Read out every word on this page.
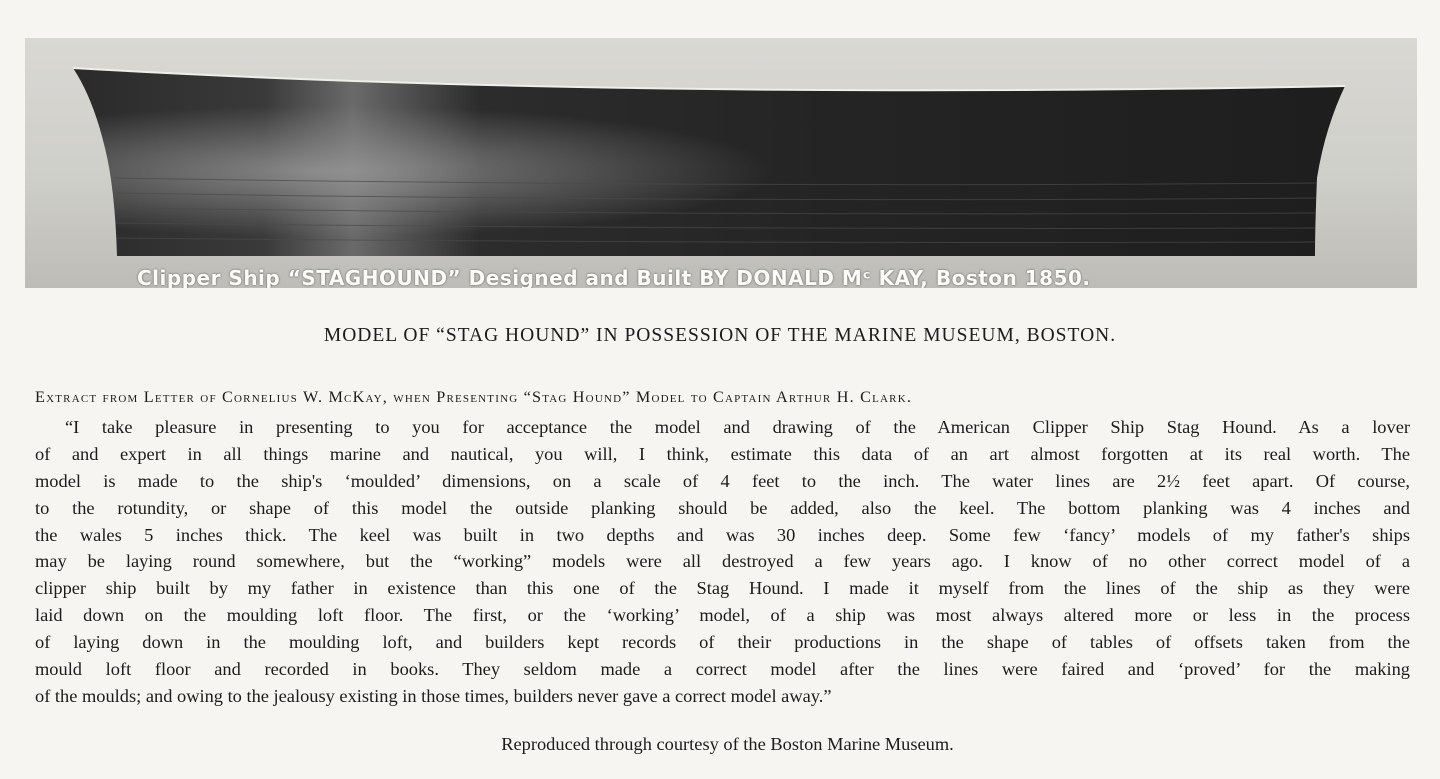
Clipper Ship “STAGHOUND” Designed and Built BY DONALD Mᶜ KAY, Boston 1850.
MODEL OF “STAG HOUND” IN POSSESSION OF THE MARINE MUSEUM, BOSTON.
Extract from Letter of Cornelius W. McKay, when Presenting “Stag Hound” Model to Captain Arthur H. Clark.
“I take pleasure in presenting to you for acceptance the model and drawing of the American Clipper Ship Stag Hound. As a lover
of and expert in all things marine and nautical, you will, I think, estimate this data of an art almost forgotten at its real worth. The
model is made to the ship's ‘moulded’ dimensions, on a scale of 4 feet to the inch. The water lines are 2½ feet apart. Of course,
to the rotundity, or shape of this model the outside planking should be added, also the keel. The bottom planking was 4 inches and
the wales 5 inches thick. The keel was built in two depths and was 30 inches deep. Some few ‘fancy’ models of my father's ships
may be laying round somewhere, but the “working” models were all destroyed a few years ago. I know of no other correct model of a
clipper ship built by my father in existence than this one of the Stag Hound. I made it myself from the lines of the ship as they were
laid down on the moulding loft floor. The first, or the ‘working’ model, of a ship was most always altered more or less in the process
of laying down in the moulding loft, and builders kept records of their productions in the shape of tables of offsets taken from the
mould loft floor and recorded in books. They seldom made a correct model after the lines were faired and ‘proved’ for the making
of the moulds; and owing to the jealousy existing in those times, builders never gave a correct model away.”
Reproduced through courtesy of the Boston Marine Museum.
